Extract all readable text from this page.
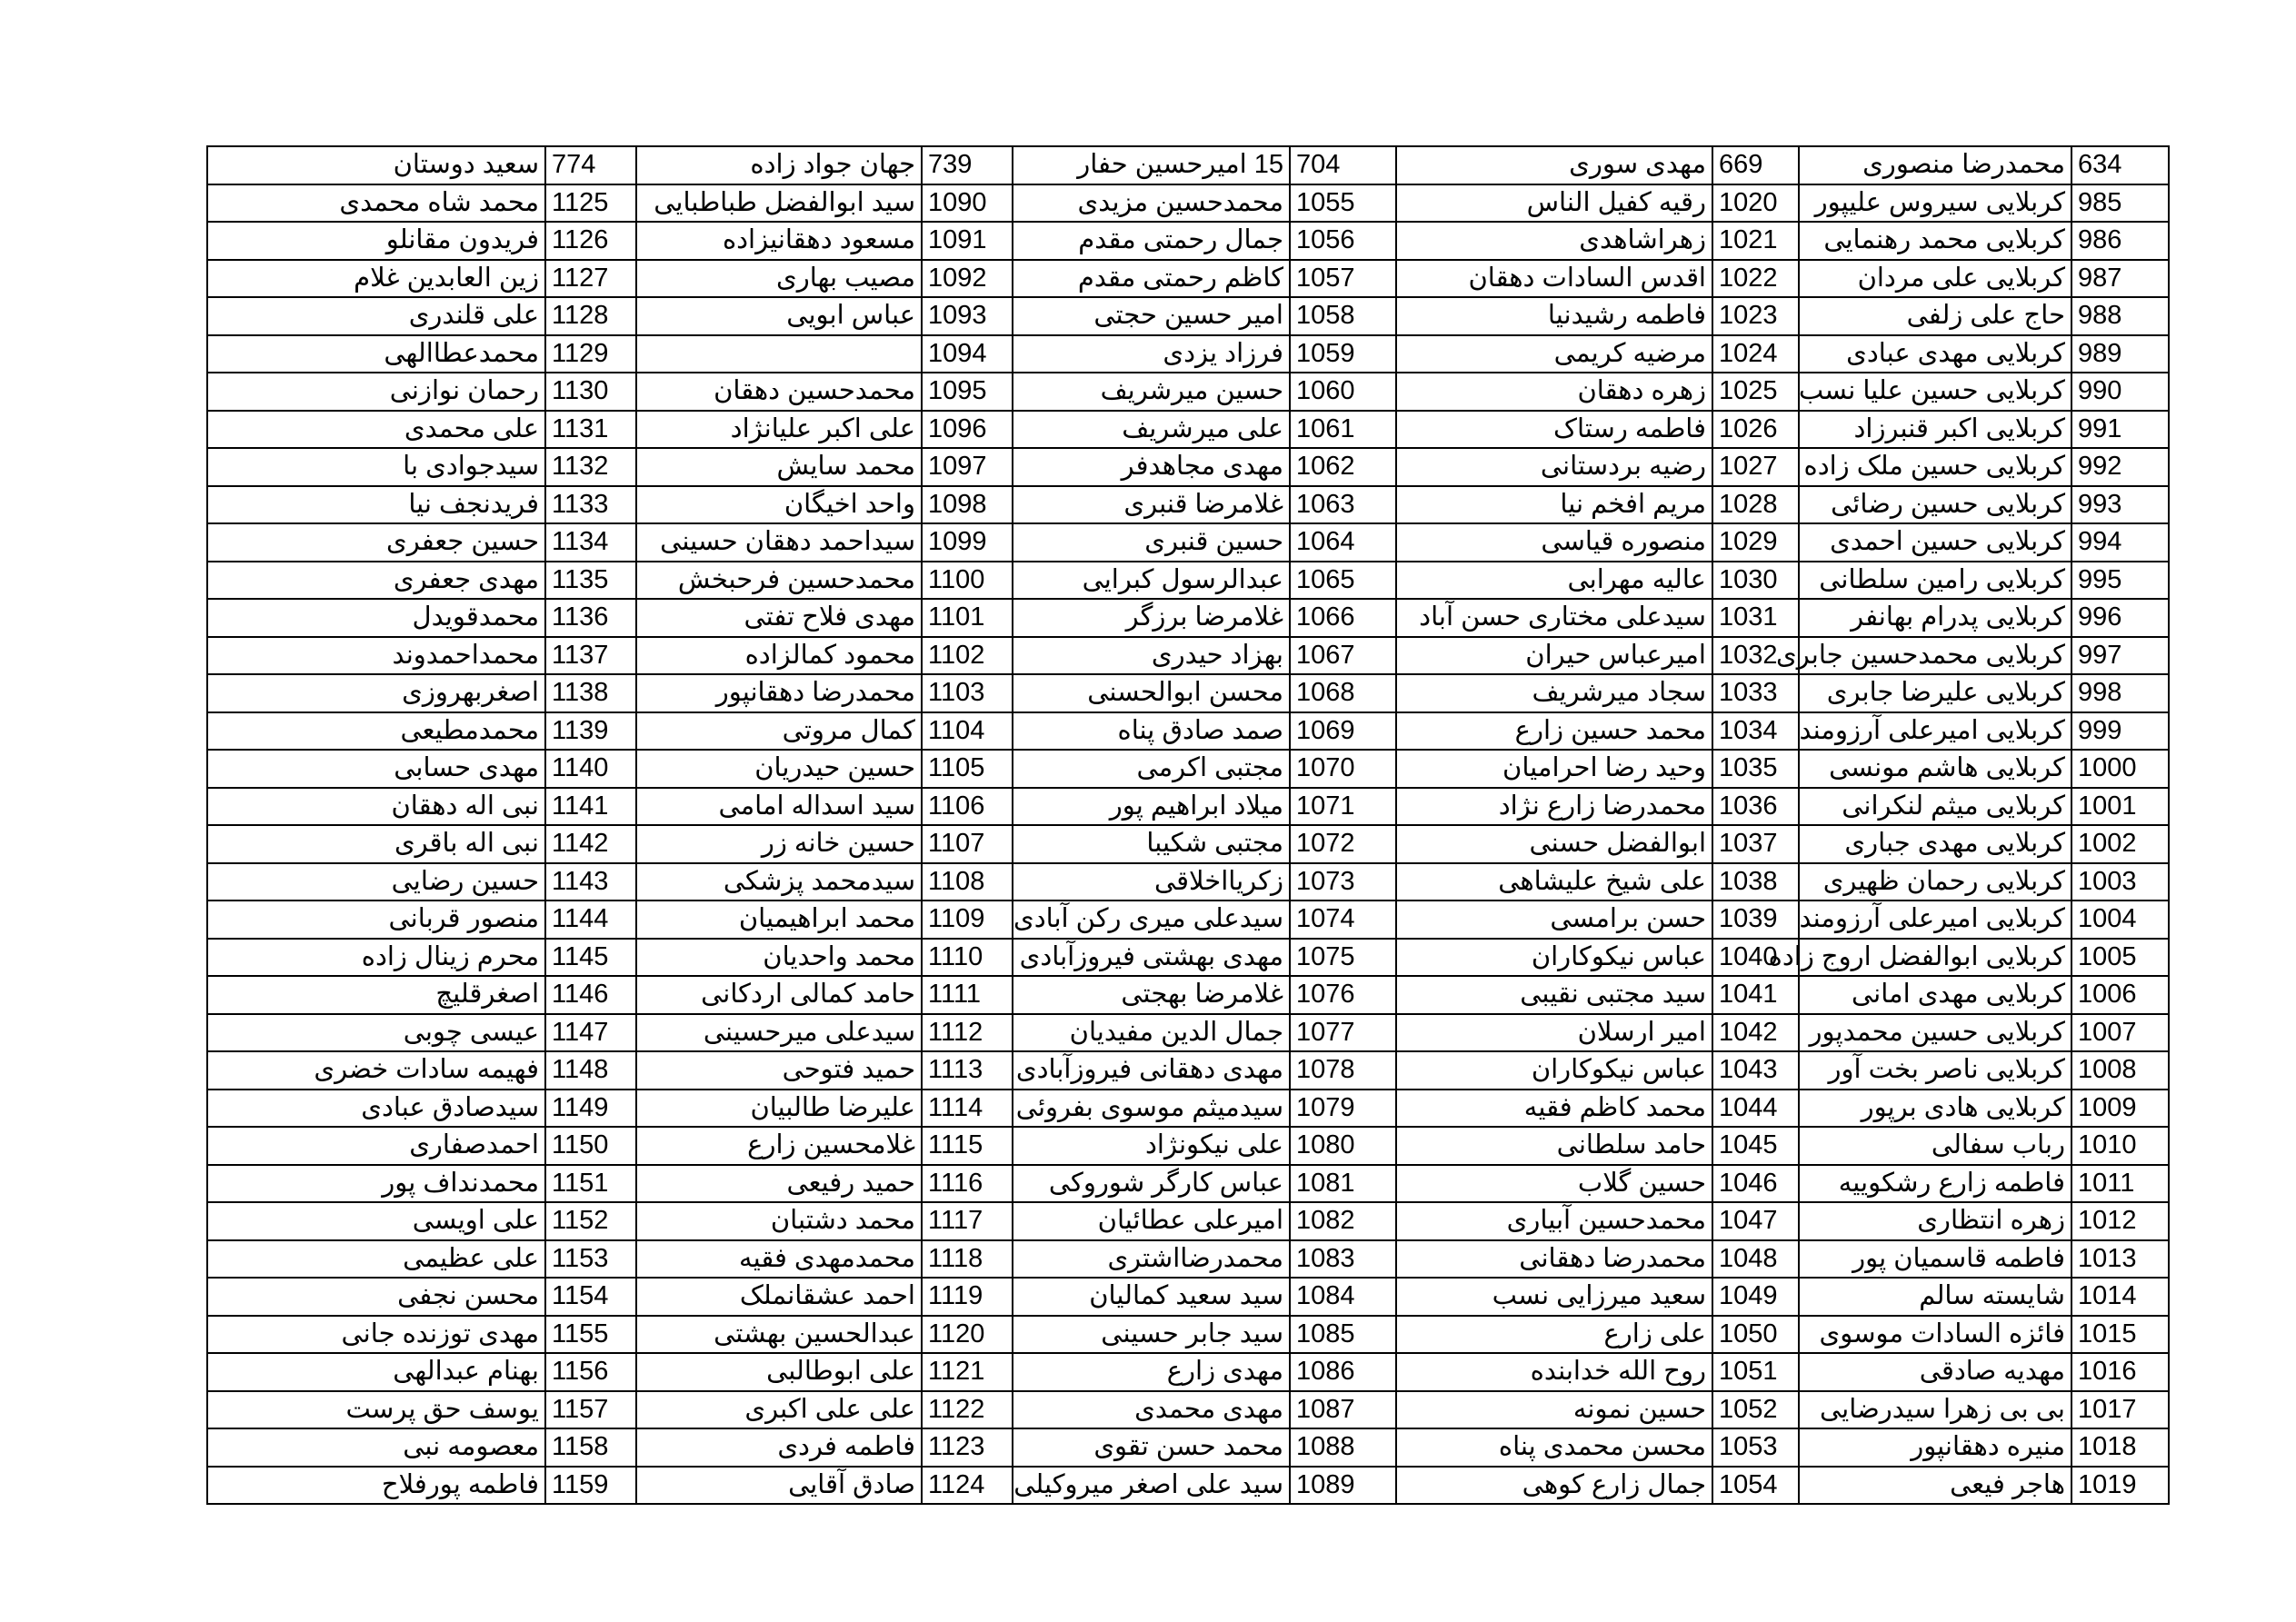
634	محمدرضا منصوری	669	مهدی سوری	704	15 امیرحسین حفار	739	جهان جواد زاده	774	سعید دوستان
985	کربلایی سیروس علیپور	1020	رقیه کفیل الناس	1055	محمدحسین مزیدی	1090	سید ابوالفضل طباطبایی	1125	محمد شاه محمدی
986	کربلایی محمد رهنمایی	1021	زهراشاهدی	1056	جمال رحمتی مقدم	1091	مسعود دهقانیزاده	1126	فریدون مقانلو
987	کربلایی علی مردان	1022	اقدس السادات دهقان	1057	کاظم رحمتی مقدم	1092	مصیب بهاری	1127	زین العابدین غلام
988	حاج علی زلفی	1023	فاطمه رشیدنیا	1058	امیر حسین حجتی	1093	عباس ابویی	1128	علی قلندری
989	کربلایی مهدی عبادی	1024	مرضیه کریمی	1059	فرزاد یزدی	1094		1129	محمدعطاالهی
990	کربلایی حسین علیا نسب	1025	زهره دهقان	1060	حسین میرشریف	1095	محمدحسین دهقان	1130	رحمان نوازنی
991	کربلایی اکبر قنبرزاد	1026	فاطمه رستاک	1061	علی میرشریف	1096	علی اکبر علیانژاد	1131	علی محمدی
992	کربلایی حسین ملک زاده	1027	رضیه بردستانی	1062	مهدی مجاهدفر	1097	محمد سایش	1132	سیدجوادی با
993	کربلایی حسین رضائی	1028	مریم افخم نیا	1063	غلامرضا قنبری	1098	واحد اخیگان	1133	فریدنجف نیا
994	کربلایی حسین احمدی	1029	منصوره قیاسی	1064	حسین قنبری	1099	سیداحمد دهقان حسینی	1134	حسین جعفری
995	کربلایی رامین سلطانی	1030	عالیه مهرابی	1065	عبدالرسول کبرایی	1100	محمدحسین فرحبخش	1135	مهدی جعفری
996	کربلایی پدرام بهانفر	1031	سیدعلی مختاری حسن آباد	1066	غلامرضا برزگر	1101	مهدی فلاح تفتی	1136	محمدقویدل
997	کربلایی محمدحسین جابری	1032	امیرعباس حیران	1067	بهزاد حیدری	1102	محمود کمالزاده	1137	محمداحمدوند
998	کربلایی علیرضا جابری	1033	سجاد میرشریف	1068	محسن ابوالحسنی	1103	محمدرضا دهقانپور	1138	اصغربهروزی
999	کربلایی امیرعلی آرزومند	1034	محمد حسین زارع	1069	صمد صادق پناه	1104	کمال مروتی	1139	محمدمطیعی
1000	کربلایی هاشم مونسی	1035	وحید رضا احرامیان	1070	مجتبی اکرمی	1105	حسین حیدریان	1140	مهدی حسابی
1001	کربلایی میثم لنکرانی	1036	محمدرضا زارع نژاد	1071	میلاد ابراهیم پور	1106	سید اسداله امامی	1141	نبی اله دهقان
1002	کربلایی مهدی جباری	1037	ابوالفضل حسنی	1072	مجتبی شکیبا	1107	حسین خانه زر	1142	نبی اله باقری
1003	کربلایی رحمان ظهیری	1038	علی شیخ علیشاهی	1073	زکریااخلاقی	1108	سیدمحمد پزشکی	1143	حسین رضایی
1004	کربلایی امیرعلی آرزومند	1039	حسن برامسی	1074	سیدعلی میری رکن آبادی	1109	محمد ابراهیمیان	1144	منصور قربانی
1005	کربلایی ابوالفضل اروج زاده	1040	عباس نیکوکاران	1075	مهدی بهشتی فیروزآبادی	1110	محمد واحدیان	1145	محرم زینال زاده
1006	کربلایی مهدی امانی	1041	سید مجتبی نقیبی	1076	غلامرضا بهجتی	1111	حامد کمالی اردکانی	1146	اصغرقلیچ
1007	کربلایی حسین محمدپور	1042	امیر ارسلان	1077	جمال الدین مفیدیان	1112	سیدعلی میرحسینی	1147	عیسی چوبی
1008	کربلایی ناصر بخت آور	1043	عباس نیکوکاران	1078	مهدی دهقانی فیروزآبادی	1113	حمید فتوحی	1148	فهیمه سادات خضری
1009	کربلایی هادی برپور	1044	محمد کاظم فقیه	1079	سیدمیثم موسوی بفروئی	1114	علیرضا طالبیان	1149	سیدصادق عبادی
1010	رباب سفالی	1045	حامد سلطانی	1080	علی نیکونژاد	1115	غلامحسین زارع	1150	احمدصفاری
1011	فاطمه زارع رشکوییه	1046	حسین گلاب	1081	عباس کارگر شوروکی	1116	حمید رفیعی	1151	محمدنداف پور
1012	زهره انتظاری	1047	محمدحسین آبیاری	1082	امیرعلی عطائیان	1117	محمد دشتبان	1152	علی اویسی
1013	فاطمه قاسمیان پور	1048	محمدرضا دهقانی	1083	محمدرضااشتری	1118	محمدمهدی فقیه	1153	علی عظیمی
1014	شایسته سالم	1049	سعید میرزایی نسب	1084	سید سعید کمالیان	1119	احمد عشقانملک	1154	محسن نجفی
1015	فائزه السادات موسوی	1050	علی زارع	1085	سید جابر حسینی	1120	عبدالحسین بهشتی	1155	مهدی توزنده جانی
1016	مهدیه صادقی	1051	روح الله خدابنده	1086	مهدی زارع	1121	علی ابوطالبی	1156	بهنام عبدالهی
1017	بی بی زهرا سیدرضایی	1052	حسین نمونه	1087	مهدی محمدی	1122	علی علی اکبری	1157	یوسف حق پرست
1018	منیره دهقانپور	1053	محسن محمدی پناه	1088	محمد حسن تقوی	1123	فاطمه فردی	1158	معصومه نبی
1019	هاجر فیعی	1054	جمال زارع کوهی	1089	سید علی اصغر میروکیلی	1124	صادق آقایی	1159	فاطمه پورفلاح
